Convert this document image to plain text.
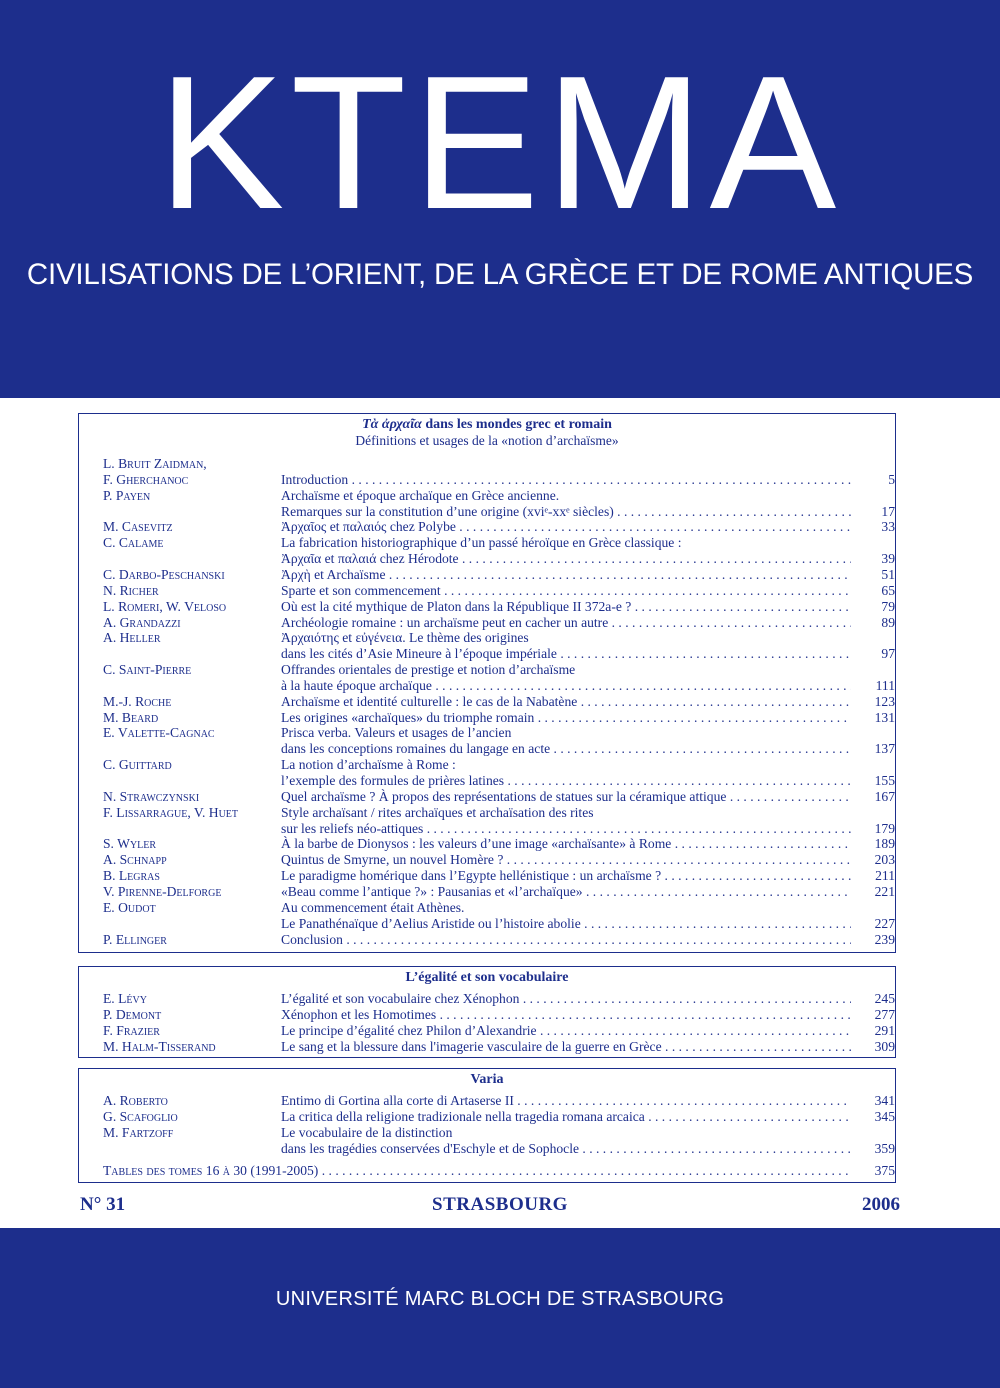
KTEMA
CIVILISATIONS DE L’ORIENT, DE LA GRÈCE ET DE ROME ANTIQUES
Τὰ ἀρχαῖα dans les mondes grec et romain
Définitions et usages de la «notion d’archaïsme»
L. Bruit Zaidman,
F. Gherchanoc	Introduction . . .	5
P. Payen	Archaïsme et époque archaïque en Grèce ancienne.
Remarques sur la constitution d’une origine (xviᵉ-xxᵉ siècles) . . .	17
M. Casevitz	Ἀρχαῖος et παλαιός chez Polybe . . .	33
C. Calame	La fabrication historiographique d’un passé héroïque en Grèce classique :
Ἀρχαῖα et παλαιά chez Hérodote . . .	39
C. Darbo-Peschanski	Ἀρχὴ et Archaïsme . . .	51
N. Richer	Sparte et son commencement . . .	65
L. Romeri, W. Veloso	Où est la cité mythique de Platon dans la République II 372a-e ? . . .	79
A. Grandazzi	Archéologie romaine : un archaïsme peut en cacher un autre . . .	89
A. Heller	Ἀρχαιότης et εὐγένεια. Le thème des origines
dans les cités d’Asie Mineure à l’époque impériale . . .	97
C. Saint-Pierre	Offrandes orientales de prestige et notion d’archaïsme
à la haute époque archaïque . . .	111
M.-J. Roche	Archaïsme et identité culturelle : le cas de la Nabatène . . .	123
M. Beard	Les origines «archaïques» du triomphe romain . . .	131
E. Valette-Cagnac	Prisca verba. Valeurs et usages de l’ancien
dans les conceptions romaines du langage en acte . . .	137
C. Guittard	La notion d’archaïsme à Rome :
l’exemple des formules de prières latines . . .	155
N. Strawczynski	Quel archaïsme ? À propos des représentations de statues sur la céramique attique . . .	167
F. Lissarrague, V. Huet	Style archaïsant / rites archaïques et archaïsation des rites
sur les reliefs néo-attiques . . .	179
S. Wyler	À la barbe de Dionysos : les valeurs d’une image «archaïsante» à Rome . . .	189
A. Schnapp	Quintus de Smyrne, un nouvel Homère ? . . .	203
B. Legras	Le paradigme homérique dans l’Egypte hellénistique : un archaïsme ? . . .	211
V. Pirenne-Delforge	«Beau comme l’antique ?» : Pausanias et «l’archaïque» . . .	221
E. Oudot	Au commencement était Athènes.
Le Panathénaïque d’Aelius Aristide ou l’histoire abolie . . .	227
P. Ellinger	Conclusion . . .	239
L’égalité et son vocabulaire
E. Lévy	L’égalité et son vocabulaire chez Xénophon . . .	245
P. Demont	Xénophon et les Homotimes . . .	277
F. Frazier	Le principe d’égalité chez Philon d’Alexandrie . . .	291
M. Halm-Tisserand	Le sang et la blessure dans l'imagerie vasculaire de la guerre en Grèce . . .	309
Varia
A. Roberto	Entimo di Gortina alla corte di Artaserse II . . .	341
G. Scafoglio	La critica della religione tradizionale nella tragedia romana arcaica . . .	345
M. Fartzoff	Le vocabulaire de la distinction
dans les tragédies conservées d'Eschyle et de Sophocle . . .	359
Tables des tomes 16 à 30 (1991-2005) . . .	375
N° 31	STRASBOURG	2006
UNIVERSITÉ MARC BLOCH DE STRASBOURG
